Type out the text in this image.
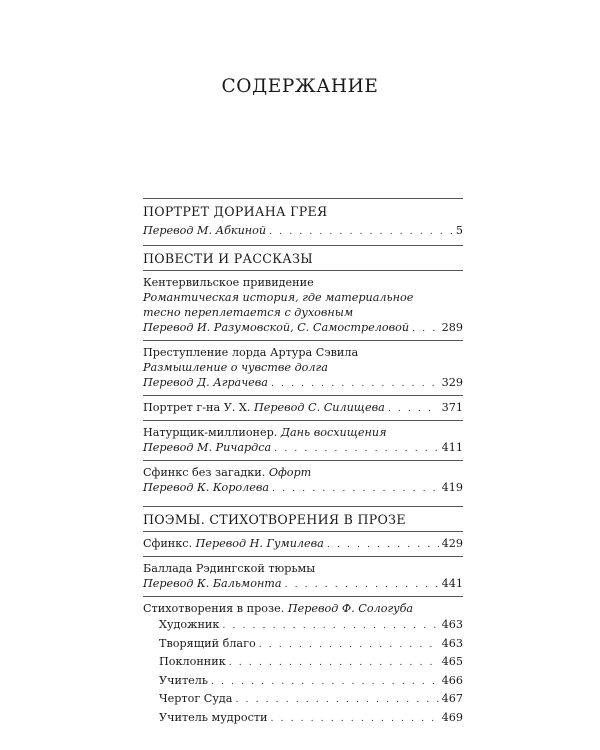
СОДЕРЖАНИЕ
ПОРТРЕТ ДОРИАНА ГРЕЯ
Перевод М. Абкиной . . .	5
ПОВЕСТИ И РАССКАЗЫ
Кентервильское привидение
Романтическая история, где материальное
тесно переплетается с духовным
Перевод И. Разумовской, С. Самостреловой . . .	289
Преступление лорда Артура Сэвила
Размышление о чувстве долга
Перевод Д. Аграчева . . .	329
Портрет г-на У. Х.
Перевод С. Силищева . . .	371
Натурщик-миллионер.
Дань восхищения
Перевод М. Ричардса . . .	411
Сфинкс без загадки.
Офорт
Перевод К. Королева . . .	419
ПОЭМЫ. СТИХОТВОРЕНИЯ В ПРОЗЕ
Сфинкс.
Перевод Н. Гумилева . . .	429
Баллада Рэдингской тюрьмы
Перевод К. Бальмонта . . .	441
Стихотворения в прозе.
Перевод Ф. Сологуба
Художник . . .	463
Творящий благо . . .	463
Поклонник . . .	465
Учитель . . .	466
Чертог Суда . . .	467
Учитель мудрости . . .	469
